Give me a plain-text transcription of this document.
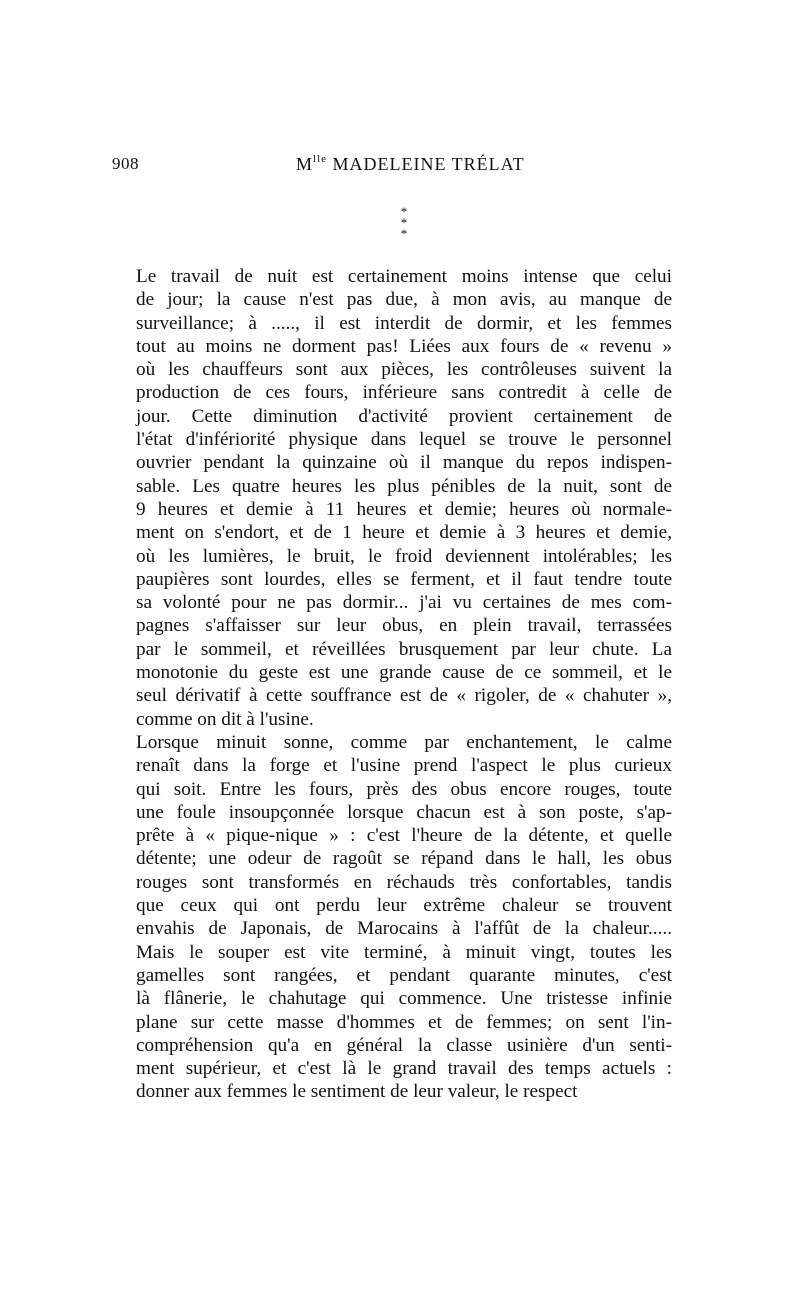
908	$M^{lle}$ MADELEINE TRÉLAT
*
* *

Le travail de nuit est certainement moins intense que celui
de jour; la cause n'est pas due, à mon avis, au manque de
surveillance; à ....., il est interdit de dormir, et les femmes
tout au moins ne dorment pas! Liées aux fours de « revenu »
où les chauffeurs sont aux pièces, les contrôleuses suivent la
production de ces fours, inférieure sans contredit à celle de
jour. Cette diminution d'activité provient certainement de
l'état d'infériorité physique dans lequel se trouve le personnel
ouvrier pendant la quinzaine où il manque du repos indispen-
sable. Les quatre heures les plus pénibles de la nuit, sont de
9 heures et demie à 11 heures et demie; heures où normale-
ment on s'endort, et de 1 heure et demie à 3 heures et demie,
où les lumières, le bruit, le froid deviennent intolérables; les
paupières sont lourdes, elles se ferment, et il faut tendre toute
sa volonté pour ne pas dormir... j'ai vu certaines de mes com-
pagnes s'affaisser sur leur obus, en plein travail, terrassées
par le sommeil, et réveillées brusquement par leur chute. La
monotonie du geste est une grande cause de ce sommeil, et le
seul dérivatif à cette souffrance est de « rigoler, de « chahuter »,
comme on dit à l'usine.

Lorsque minuit sonne, comme par enchantement, le calme
renaît dans la forge et l'usine prend l'aspect le plus curieux
qui soit. Entre les fours, près des obus encore rouges, toute
une foule insoupçonnée lorsque chacun est à son poste, s'ap-
prête à « pique-nique » : c'est l'heure de la détente, et quelle
détente; une odeur de ragoût se répand dans le hall, les obus
rouges sont transformés en réchauds très confortables, tandis
que ceux qui ont perdu leur extrême chaleur se trouvent
envahis de Japonais, de Marocains à l'affût de la chaleur.....
Mais le souper est vite terminé, à minuit vingt, toutes les
gamelles sont rangées, et pendant quarante minutes, c'est
là flânerie, le chahutage qui commence. Une tristesse infinie
plane sur cette masse d'hommes et de femmes; on sent l'in-
compréhension qu'a en général la classe usinière d'un senti-
ment supérieur, et c'est là le grand travail des temps actuels :
donner aux femmes le sentiment de leur valeur, le respect
